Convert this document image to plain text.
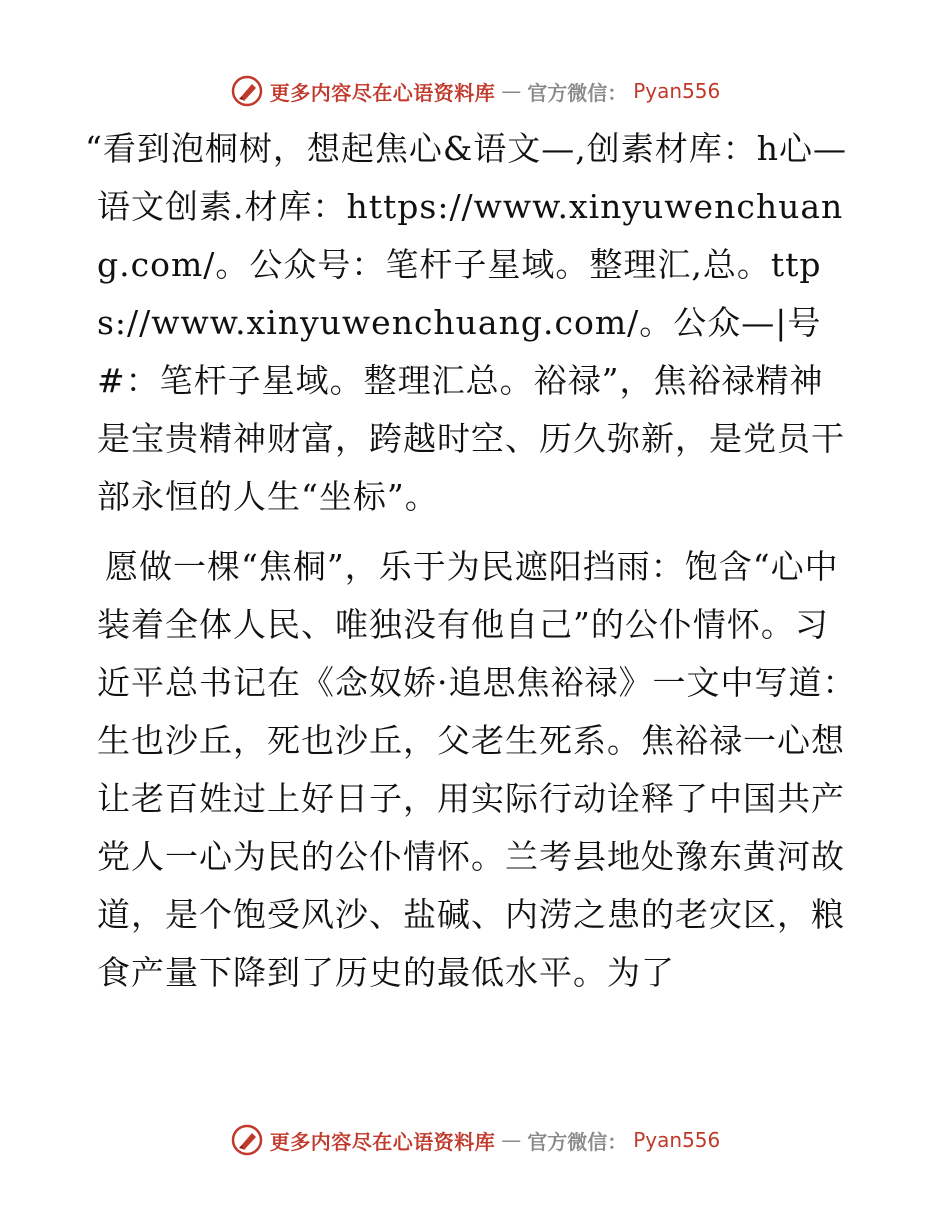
更多内容尽在心语资料库 — 官方微信： Pyan556

“看到泡桐树，想起焦心&语文—,创素材库：h心—语文创素.材库：https://www.xinyuwenchuang.com/。公众号：笔杆子星域。整理汇,总。ttps://www.xinyuwenchuang.com/。公众—|号#：笔杆子星域。整理汇总。裕禄”，焦裕禄精神是宝贵精神财富，跨越时空、历久弥新，是党员干部永恒的人生“坐标”。

愿做一棵“焦桐”，乐于为民遮阳挡雨：饱含“心中装着全体人民、唯独没有他自己”的公仆情怀。习近平总书记在《念奴娇·追思焦裕禄》一文中写道：生也沙丘，死也沙丘，父老生死系。焦裕禄一心想让老百姓过上好日子，用实际行动诠释了中国共产党人一心为民的公仆情怀。兰考县地处豫东黄河故道，是个饱受风沙、盐碱、内涝之患的老灾区，粮食产量下降到了历史的最低水平。为了

更多内容尽在心语资料库 — 官方微信： Pyan556
